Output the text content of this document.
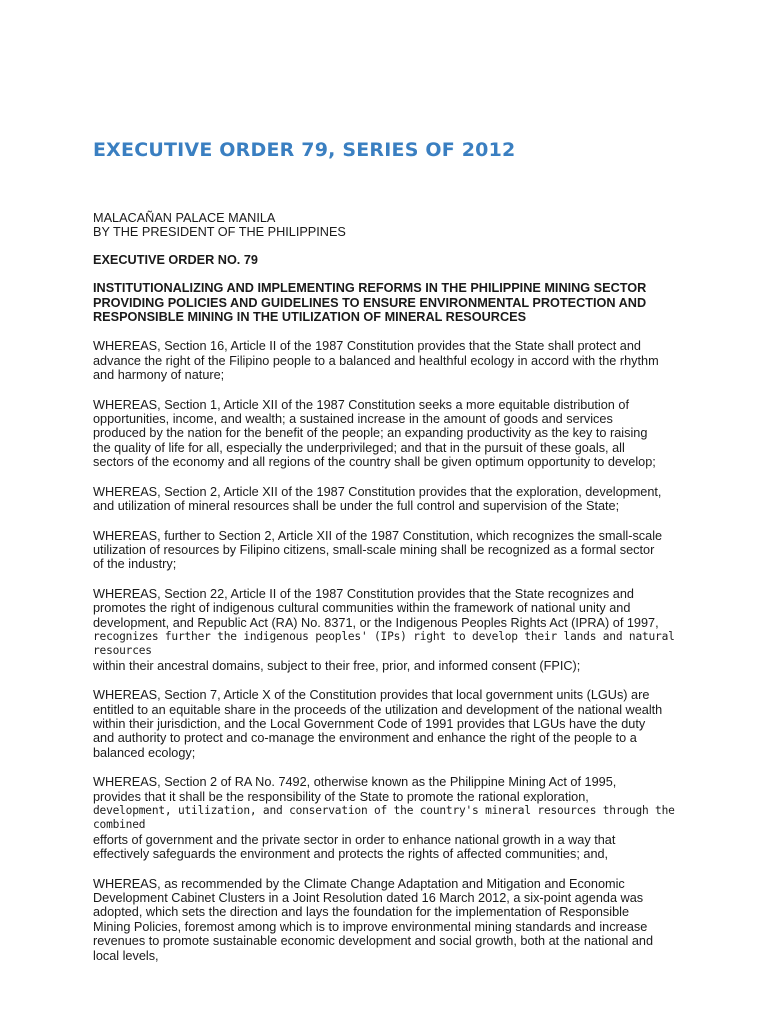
EXECUTIVE ORDER 79, SERIES OF 2012

MALACAÑAN PALACE MANILA
BY THE PRESIDENT OF THE PHILIPPINES

EXECUTIVE ORDER NO. 79

INSTITUTIONALIZING AND IMPLEMENTING REFORMS IN THE PHILIPPINE MINING SECTOR
PROVIDING POLICIES AND GUIDELINES TO ENSURE ENVIRONMENTAL PROTECTION AND
RESPONSIBLE MINING IN THE UTILIZATION OF MINERAL RESOURCES

WHEREAS, Section 16, Article II of the 1987 Constitution provides that the State shall protect and
advance the right of the Filipino people to a balanced and healthful ecology in accord with the rhythm
and harmony of nature;

WHEREAS, Section 1, Article XII of the 1987 Constitution seeks a more equitable distribution of
opportunities, income, and wealth; a sustained increase in the amount of goods and services
produced by the nation for the benefit of the people; an expanding productivity as the key to raising
the quality of life for all, especially the underprivileged; and that in the pursuit of these goals, all
sectors of the economy and all regions of the country shall be given optimum opportunity to develop;

WHEREAS, Section 2, Article XII of the 1987 Constitution provides that the exploration, development,
and utilization of mineral resources shall be under the full control and supervision of the State;

WHEREAS, further to Section 2, Article XII of the 1987 Constitution, which recognizes the small-scale
utilization of resources by Filipino citizens, small-scale mining shall be recognized as a formal sector
of the industry;

WHEREAS, Section 22, Article II of the 1987 Constitution provides that the State recognizes and
promotes the right of indigenous cultural communities within the framework of national unity and
development, and Republic Act (RA) No. 8371, or the Indigenous Peoples Rights Act (IPRA) of 1997,
recognizes further the indigenous peoples' (IPs) right to develop their lands and natural resources
within their ancestral domains, subject to their free, prior, and informed consent (FPIC);

WHEREAS, Section 7, Article X of the Constitution provides that local government units (LGUs) are
entitled to an equitable share in the proceeds of the utilization and development of the national wealth
within their jurisdiction, and the Local Government Code of 1991 provides that LGUs have the duty
and authority to protect and co-manage the environment and enhance the right of the people to a
balanced ecology;

WHEREAS, Section 2 of RA No. 7492, otherwise known as the Philippine Mining Act of 1995,
provides that it shall be the responsibility of the State to promote the rational exploration,
development, utilization, and conservation of the country's mineral resources through the combined
efforts of government and the private sector in order to enhance national growth in a way that
effectively safeguards the environment and protects the rights of affected communities; and,

WHEREAS, as recommended by the Climate Change Adaptation and Mitigation and Economic
Development Cabinet Clusters in a Joint Resolution dated 16 March 2012, a six-point agenda was
adopted, which sets the direction and lays the foundation for the implementation of Responsible
Mining Policies, foremost among which is to improve environmental mining standards and increase
revenues to promote sustainable economic development and social growth, both at the national and
local levels,
